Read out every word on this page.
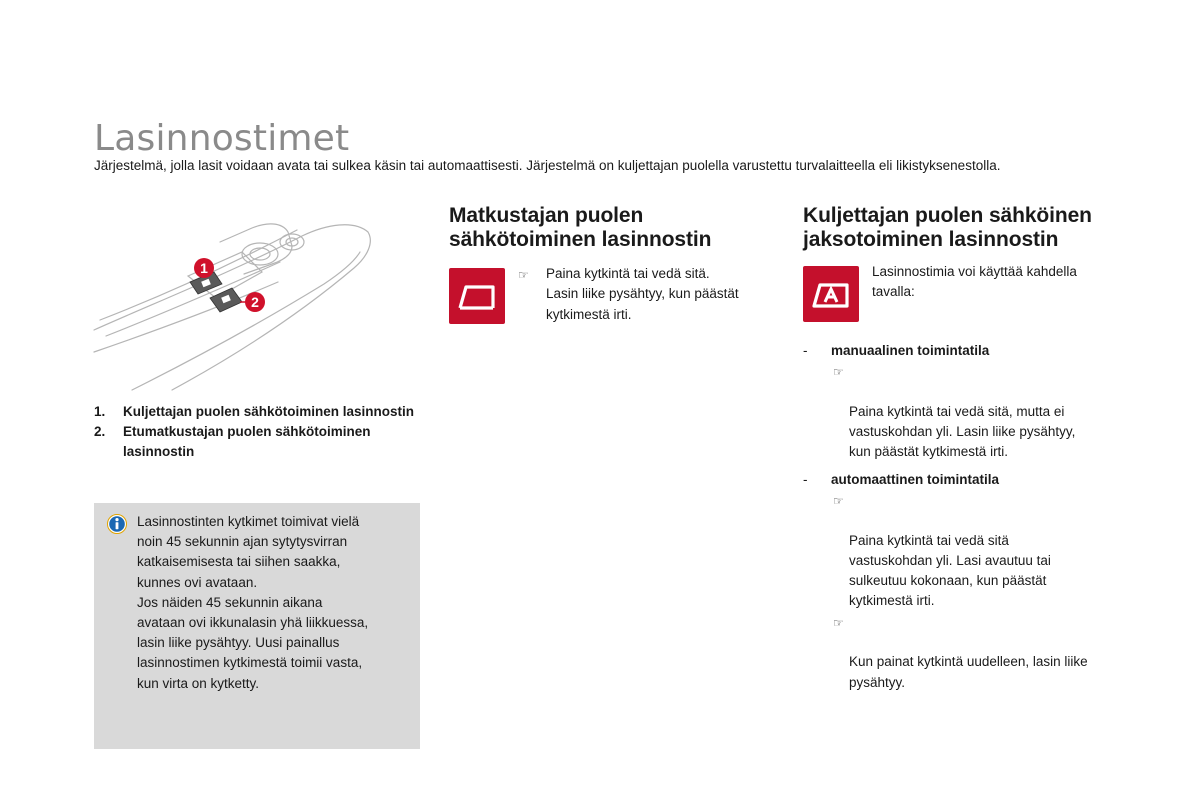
Lasinnostimet

Järjestelmä, jolla lasit voidaan avata tai sulkea käsin tai automaattisesti. Järjestelmä on kuljettajan puolella varustettu turvalaitteella eli likistyksenestolla.

1
2
1. Kuljettajan puolen sähkötoiminen lasinnostin
2. Etumatkustajan puolen sähkötoiminen lasinnostin

Lasinnostinten kytkimet toimivat vielä
noin 45 sekunnin ajan sytytysvirran
katkaisemisesta tai siihen saakka,
kunnes ovi avataan.
Jos näiden 45 sekunnin aikana
avataan ovi ikkunalasin yhä liikkuessa,
lasin liike pysähtyy. Uusi painallus
lasinnostimen kytkimestä toimii vasta,
kun virta on kytketty.

Matkustajan puolen
sähkötoiminen lasinnostin
☞ Paina kytkintä tai vedä sitä.
Lasin liike pysähtyy, kun päästät
kytkimestä irti.

Kuljettajan puolen sähköinen
jaksotoiminen lasinnostin

Lasinnostimia voi käyttää kahdella
tavalla:

- manuaalinen toimintatila

☞

Paina kytkintä tai vedä sitä, mutta ei
vastuskohdan yli. Lasin liike pysähtyy,
kun päästät kytkimestä irti.

- automaattinen toimintatila

☞

Paina kytkintä tai vedä sitä
vastuskohdan yli. Lasi avautuu tai
sulkeutuu kokonaan, kun päästät
kytkimestä irti.

☞

Kun painat kytkintä uudelleen, lasin liike
pysähtyy.
